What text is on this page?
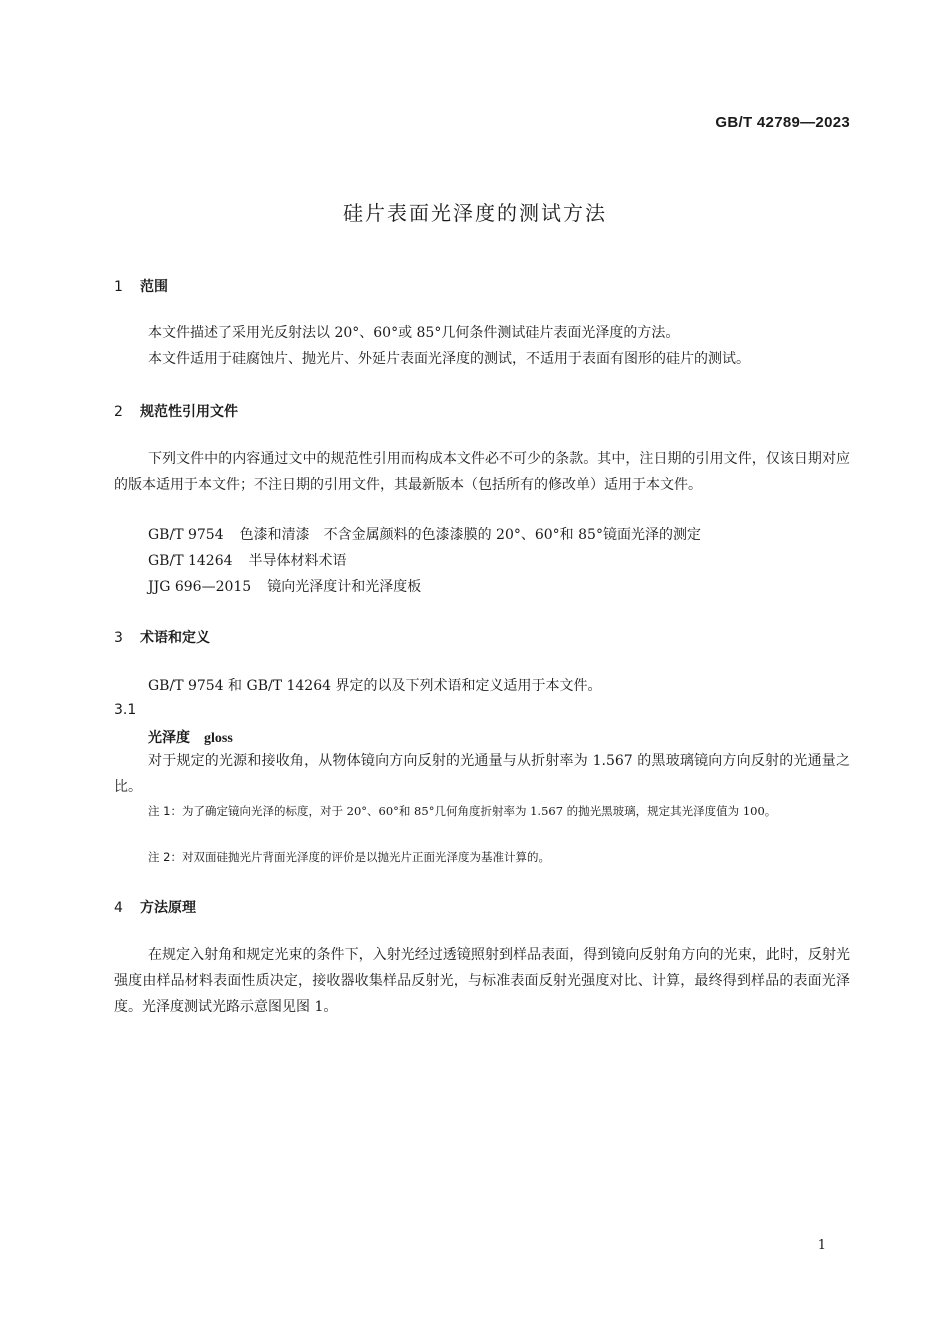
GB/T 42789—2023
硅片表面光泽度的测试方法
1 范围
本文件描述了采用光反射法以 20°、60°或 85°几何条件测试硅片表面光泽度的方法。
本文件适用于硅腐蚀片、抛光片、外延片表面光泽度的测试，不适用于表面有图形的硅片的测试。
2 规范性引用文件
下列文件中的内容通过文中的规范性引用而构成本文件必不可少的条款。其中，注日期的引用文件，仅该日期对应的版本适用于本文件；不注日期的引用文件，其最新版本（包括所有的修改单）适用于本文件。
GB/T 9754 色漆和清漆　不含金属颜料的色漆漆膜的 20°、60°和 85°镜面光泽的测定
GB/T 14264 半导体材料术语
JJG 696—2015 镜向光泽度计和光泽度板
3 术语和定义
GB/T 9754 和 GB/T 14264 界定的以及下列术语和定义适用于本文件。
3.1
光泽度 gloss
对于规定的光源和接收角，从物体镜向方向反射的光通量与从折射率为 1.567 的黑玻璃镜向方向反射的光通量之比。
注 1：为了确定镜向光泽的标度，对于 20°、60°和 85°几何角度折射率为 1.567 的抛光黑玻璃，规定其光泽度值为 100。
注 2：对双面硅抛光片背面光泽度的评价是以抛光片正面光泽度为基准计算的。
4 方法原理
在规定入射角和规定光束的条件下，入射光经过透镜照射到样品表面，得到镜向反射角方向的光束，此时，反射光强度由样品材料表面性质决定，接收器收集样品反射光，与标准表面反射光强度对比、计算，最终得到样品的表面光泽度。光泽度测试光路示意图见图 1。
1
